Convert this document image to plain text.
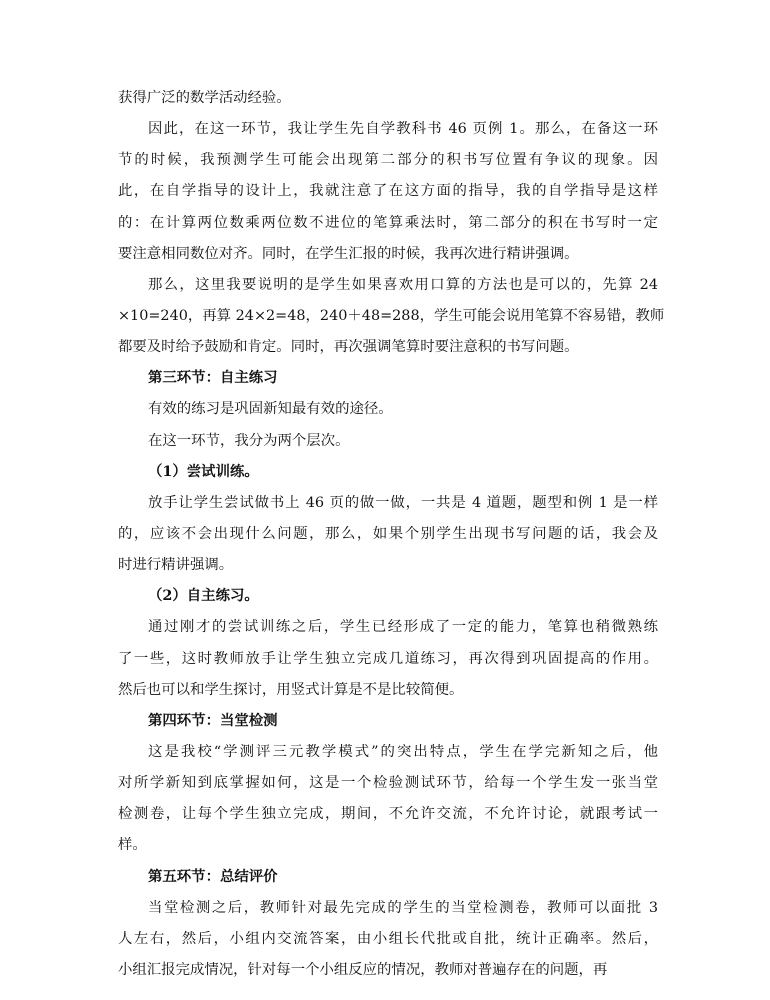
获得广泛的数学活动经验。
因此，在这一环节，我让学生先自学教科书 46 页例 1。那么，在备这一环
节的时候，我预测学生可能会出现第二部分的积书写位置有争议的现象。因
此，在自学指导的设计上，我就注意了在这方面的指导，我的自学指导是这样
的：在计算两位数乘两位数不进位的笔算乘法时，第二部分的积在书写时一定
要注意相同数位对齐。同时，在学生汇报的时候，我再次进行精讲强调。
那么，这里我要说明的是学生如果喜欢用口算的方法也是可以的，先算 24
×10=240，再算 24×2=48，240＋48=288，学生可能会说用笔算不容易错，教师
都要及时给予鼓励和肯定。同时，再次强调笔算时要注意积的书写问题。
第三环节：自主练习
有效的练习是巩固新知最有效的途径。
在这一环节，我分为两个层次。
（1）尝试训练。
放手让学生尝试做书上 46 页的做一做，一共是 4 道题，题型和例 1 是一样
的，应该不会出现什么问题，那么，如果个别学生出现书写问题的话，我会及
时进行精讲强调。
（2）自主练习。
通过刚才的尝试训练之后，学生已经形成了一定的能力，笔算也稍微熟练
了一些，这时教师放手让学生独立完成几道练习，再次得到巩固提高的作用。
然后也可以和学生探讨，用竖式计算是不是比较简便。
第四环节：当堂检测
这是我校“学测评三元教学模式”的突出特点，学生在学完新知之后，他
对所学新知到底掌握如何，这是一个检验测试环节，给每一个学生发一张当堂
检测卷，让每个学生独立完成，期间，不允许交流，不允许讨论，就跟考试一
样。
第五环节：总结评价
当堂检测之后，教师针对最先完成的学生的当堂检测卷，教师可以面批 3
人左右，然后，小组内交流答案，由小组长代批或自批，统计正确率。然后，
小组汇报完成情况，针对每一个小组反应的情况，教师对普遍存在的问题，再
